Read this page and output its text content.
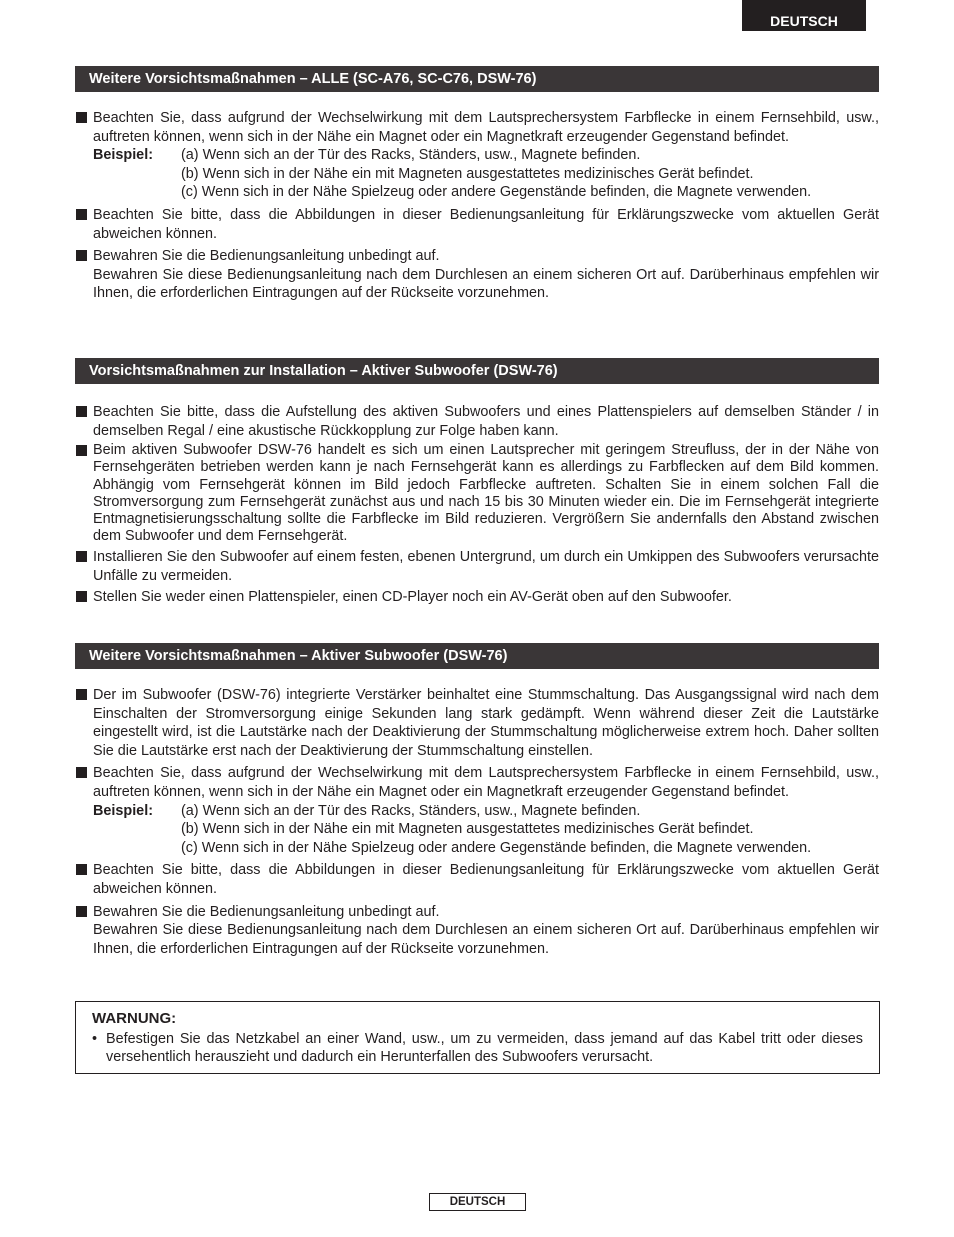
DEUTSCH
Weitere Vorsichtsmaßnahmen – ALLE (SC-A76, SC-C76, DSW-76)

Beachten Sie, dass aufgrund der Wechselwirkung mit dem Lautsprechersystem Farbflecke in einem Fernsehbild, usw., auftreten können, wenn sich in der Nähe ein Magnet oder ein Magnetkraft erzeugender Gegenstand befindet.

Beispiel:	(a) Wenn sich an der Tür des Racks, Ständers, usw., Magnete befinden.
(b) Wenn sich in der Nähe ein mit Magneten ausgestattetes medizinisches Gerät befindet.
(c) Wenn sich in der Nähe Spielzeug oder andere Gegenstände befinden, die Magnete verwenden.

Beachten Sie bitte, dass die Abbildungen in dieser Bedienungsanleitung für Erklärungszwecke vom aktuellen Gerät abweichen können.

Bewahren Sie die Bedienungsanleitung unbedingt auf.

Bewahren Sie diese Bedienungsanleitung nach dem Durchlesen an einem sicheren Ort auf. Darüberhinaus empfehlen wir Ihnen, die erforderlichen Eintragungen auf der Rückseite vorzunehmen.

Vorsichtsmaßnahmen zur Installation – Aktiver Subwoofer (DSW-76)

Beachten Sie bitte, dass die Aufstellung des aktiven Subwoofers und eines Plattenspielers auf demselben Ständer / in demselben Regal / eine akustische Rückkopplung zur Folge haben kann.

Beim aktiven Subwoofer DSW-76 handelt es sich um einen Lautsprecher mit geringem Streufluss, der in der Nähe von Fernsehgeräten betrieben werden kann je nach Fernsehgerät kann es allerdings zu Farbflecken auf dem Bild kommen. Abhängig vom Fernsehgerät können im Bild jedoch Farbflecke auftreten. Schalten Sie in einem solchen Fall die Stromversorgung zum Fernsehgerät zunächst aus und nach 15 bis 30 Minuten wieder ein. Die im Fernsehgerät integrierte Entmagnetisierungsschaltung sollte die Farbflecke im Bild reduzieren. Vergrößern Sie andernfalls den Abstand zwischen dem Subwoofer und dem Fernsehgerät.

Installieren Sie den Subwoofer auf einem festen, ebenen Untergrund, um durch ein Umkippen des Subwoofers verursachte Unfälle zu vermeiden.

Stellen Sie weder einen Plattenspieler, einen CD-Player noch ein AV-Gerät oben auf den Subwoofer.

Weitere Vorsichtsmaßnahmen – Aktiver Subwoofer (DSW-76)

Der im Subwoofer (DSW-76) integrierte Verstärker beinhaltet eine Stummschaltung. Das Ausgangssignal wird nach dem Einschalten der Stromversorgung einige Sekunden lang stark gedämpft. Wenn während dieser Zeit die Lautstärke eingestellt wird, ist die Lautstärke nach der Deaktivierung der Stummschaltung möglicherweise extrem hoch. Daher sollten Sie die Lautstärke erst nach der Deaktivierung der Stummschaltung einstellen.

Beachten Sie, dass aufgrund der Wechselwirkung mit dem Lautsprechersystem Farbflecke in einem Fernsehbild, usw., auftreten können, wenn sich in der Nähe ein Magnet oder ein Magnetkraft erzeugender Gegenstand befindet.

Beispiel:	(a) Wenn sich an der Tür des Racks, Ständers, usw., Magnete befinden.
(b) Wenn sich in der Nähe ein mit Magneten ausgestattetes medizinisches Gerät befindet.
(c) Wenn sich in der Nähe Spielzeug oder andere Gegenstände befinden, die Magnete verwenden.

Beachten Sie bitte, dass die Abbildungen in dieser Bedienungsanleitung für Erklärungszwecke vom aktuellen Gerät abweichen können.

Bewahren Sie die Bedienungsanleitung unbedingt auf.

Bewahren Sie diese Bedienungsanleitung nach dem Durchlesen an einem sicheren Ort auf. Darüberhinaus empfehlen wir Ihnen, die erforderlichen Eintragungen auf der Rückseite vorzunehmen.

WARNUNG:
• Befestigen Sie das Netzkabel an einer Wand, usw., um zu vermeiden, dass jemand auf das Kabel tritt oder dieses versehentlich herauszieht und dadurch ein Herunterfallen des Subwoofers verursacht.
DEUTSCH
